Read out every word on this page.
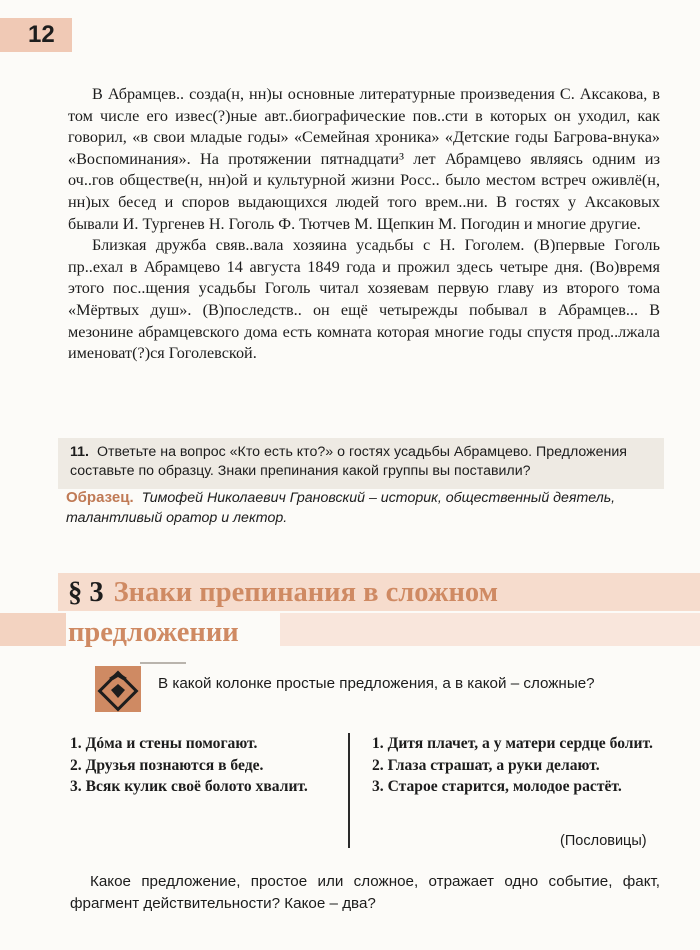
12

В Абрамцев.. созда(н, нн)ы основные литературные произведения С. Аксакова, в том числе его извес(?)ные авт..биографические пов..сти в которых он уходил, как говорил, «в свои младые годы» «Семейная хроника» «Детские годы Багрова-внука» «Воспоминания». На протяжении пятнадцати³ лет Абрамцево являясь одним из оч..гов обществе(н, нн)ой и культурной жизни Росс.. было местом встреч оживлё(н, нн)ых бесед и споров выдающихся людей того врем..ни. В гостях у Аксаковых бывали И. Тургенев Н. Гоголь Ф. Тютчев М. Щепкин М. Погодин и многие другие.

Близкая дружба свяв..вала хозяина усадьбы с Н. Гоголем. (В)первые Гоголь пр..ехал в Абрамцево 14 августа 1849 года и прожил здесь четыре дня. (Во)время этого пос..щения усадьбы Гоголь читал хозяевам первую главу из второго тома «Мёртвых душ». (В)последств.. он ещё четырежды побывал в Абрамцев... В мезонине абрамцевского дома есть комната которая многие годы спустя прод..лжала именоват(?)ся Гоголевской.

11. Ответьте на вопрос «Кто есть кто?» о гостях усадьбы Абрамцево. Предложения составьте по образцу. Знаки препинания какой группы вы поставили?
Образец. Тимофей Николаевич Грановский – историк, общественный деятель, талантливый оратор и лектор.
§ 3 Знаки препинания в сложном
предложении
В какой колонке простые предложения, а в какой – сложные?
1. Дóма и стены помогают.
2. Друзья познаются в беде.
3. Всяк кулик своё болото хвалит.
1. Дитя плачет, а у матери сердце болит.
2. Глаза страшат, а руки делают.
3. Старое старится, молодое растёт.
(Пословицы)
Какое предложение, простое или сложное, отражает одно событие, факт, фрагмент действительности? Какое – два?
